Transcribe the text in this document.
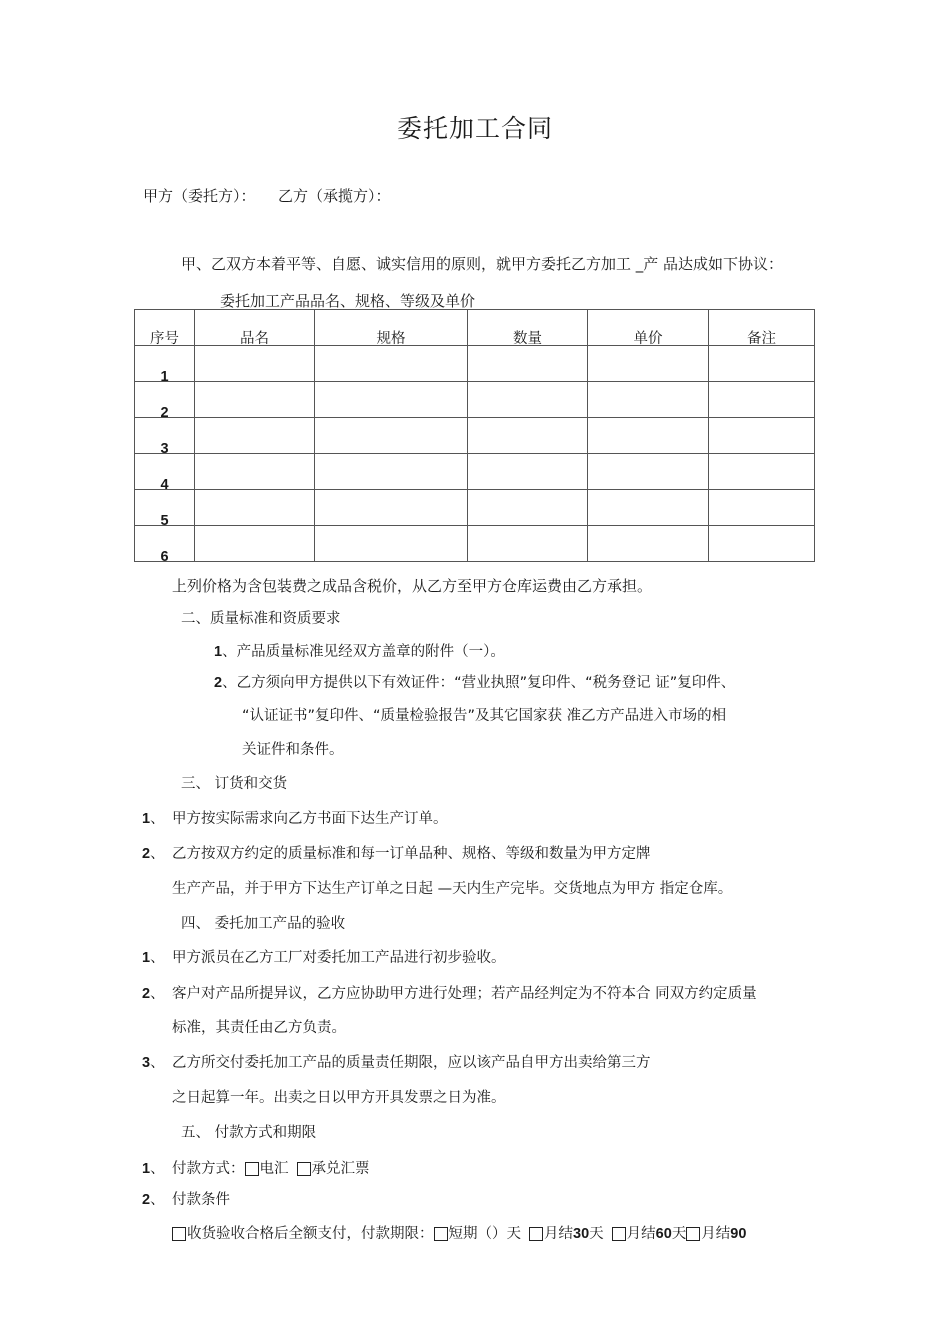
委托加工合同
甲方（委托方）： 乙方（承揽方）：
甲、乙双方本着平等、自愿、诚实信用的原则，就甲方委托乙方加工 _产 品达成如下协议：
委托加工产品品名、规格、等级及单价
序号	品名	规格	数量	单价	备注

1					

2					

3					

4					

5					

6					

上列价格为含包装费之成品含税价，从乙方至甲方仓库运费由乙方承担。
二、质量标准和资质要求
1、产品质量标准见经双方盖章的附件（一）。
2、乙方须向甲方提供以下有效证件：“营业执照”复印件、“税务登记 证”复印件、
“认证证书”复印件、“质量检验报告”及其它国家获 准乙方产品进入市场的相
关证件和条件。
三、 订货和交货
1、 甲方按实际需求向乙方书面下达生产订单。
2、 乙方按双方约定的质量标准和每一订单品种、规格、等级和数量为甲方定牌
生产产品，并于甲方下达生产订单之日起 —天内生产完毕。交货地点为甲方 指定仓库。
四、 委托加工产品的验收
1、 甲方派员在乙方工厂对委托加工产品进行初步验收。
2、 客户对产品所提异议，乙方应协助甲方进行处理；若产品经判定为不符本合 同双方约定质量
标准，其责任由乙方负责。
3、 乙方所交付委托加工产品的质量责任期限，应以该产品自甲方出卖给第三方
之日起算一年。出卖之日以甲方开具发票之日为准。
五、 付款方式和期限
1、 付款方式： 电汇 承兑汇票
2、 付款条件
收货验收合格后全额支付，付款期限： 短期（）天 月结 30 天 月结 60 天 月结 90
